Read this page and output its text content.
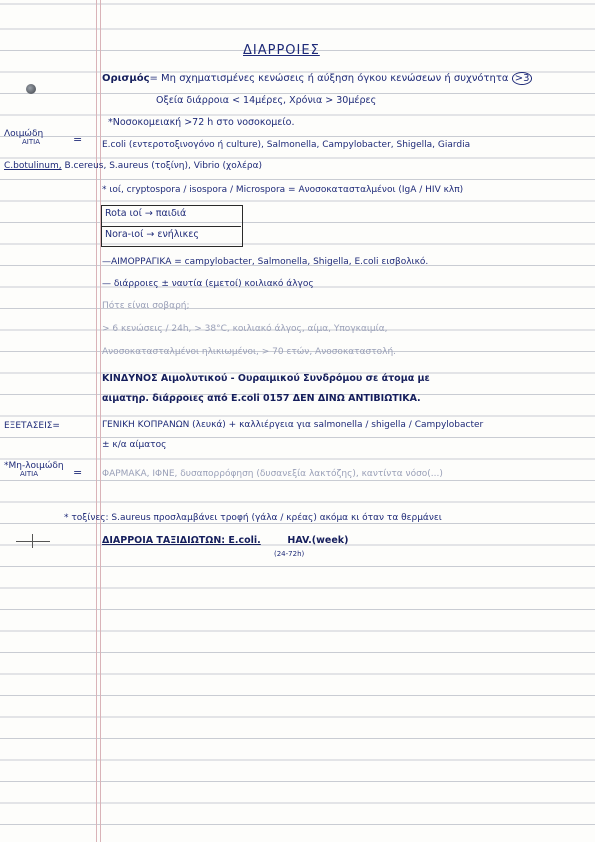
ΔΙΑΡΡΟΙΕΣ
Ορισμός= Μη σχηματισμένες κενώσεις ή αύξηση όγκου κενώσεων ή συχνότητα >3
Οξεία διάρροια < 14μέρες, Χρόνια > 30μέρες
*Νοσοκομειακή >72 h στο νοσοκομείο.
Λοιμώδη
ΑΙΤΙΑ	= E.coli (εντεροτοξινογόνο ή culture), Salmonella, Campylobacter, Shigella, Giardia
C.botulinum, B.cereus, S.aureus (τοξίνη), Vibrio (χολέρα)
* ιοί, cryptospora / isospora / Microspora = Ανοσοκατασταλμένοι (IgA / HIV κλπ)
Rota ιοί → παιδιά
Nora-ιοί → ενήλικες
—ΑΙΜΟΡΡΑΓΙΚΑ = campylobacter, Salmonella, Shigella, E.coli εισβολικό.
— διάρροιες ± ναυτία (εμετοί) κοιλιακό άλγος
Πότε είναι σοβαρή;
> 6 κενώσεις / 24h, > 38°C, κοιλιακό άλγος, αίμα, Υπογκαιμία,
Ανοσοκατασταλμένοι ηλικιωμένοι, > 70 ετών, Ανοσοκαταστολή.
ΚΙΝΔΥΝΟΣ Αιμολυτικού - Ουραιμικού Συνδρόμου σε άτομα με
αιματηρ. διάρροιες από E.coli 0157 ΔΕΝ ΔΙΝΩ ΑΝΤΙΒΙΩΤΙΚΑ.
ΕΞΕΤΑΣΕΙΣ=	ΓΕΝΙΚΗ ΚΟΠΡΑΝΩΝ (λευκά) + καλλιέργεια για salmonella / shigella / Campylobacter
± κ/α αίματος
*Μη-λοιμώδη
ΑΙΤΙΑ	= ΦΑΡΜΑΚΑ, ΙΦΝΕ, δυσαπορρόφηση (δυσανεξία λακτόζης), καντίντα νόσο(...)
* τοξίνες: S.aureus προσλαμβάνει τροφή (γάλα / κρέας) ακόμα κι όταν τα θερμάνει
ΔΙΑΡΡΟΙΑ ΤΑΞΙΔΙΩΤΩΝ: E.coli.	HAV.(week)
(24-72h)
